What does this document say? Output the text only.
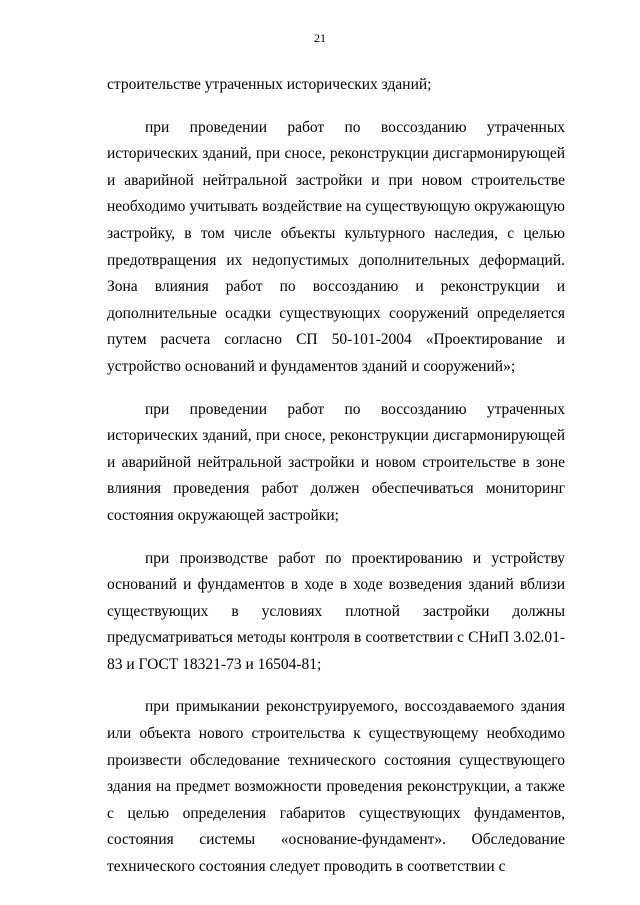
21

строительстве утраченных исторических зданий;

при проведении работ по воссозданию утраченных исторических зданий, при сносе, реконструкции дисгармонирующей и аварийной нейтральной застройки и при новом строительстве необходимо учитывать воздействие на существующую окружающую застройку, в том числе объекты культурного наследия, с целью предотвращения их недопустимых дополнительных деформаций. Зона влияния работ по воссозданию и реконструкции и дополнительные осадки существующих сооружений определяется путем расчета согласно СП 50-101-2004 «Проектирование и устройство оснований и фундаментов зданий и сооружений»;

при проведении работ по воссозданию утраченных исторических зданий, при сносе, реконструкции дисгармонирующей и аварийной нейтральной застройки и новом строительстве в зоне влияния проведения работ должен обеспечиваться мониторинг состояния окружающей застройки;

при производстве работ по проектированию и устройству оснований и фундаментов в ходе в ходе возведения зданий вблизи существующих в условиях плотной застройки должны предусматриваться методы контроля в соответствии с СНиП 3.02.01-83 и ГОСТ 18321-73 и 16504-81;

при примыкании реконструируемого, воссоздаваемого здания или объекта нового строительства к существующему необходимо произвести обследование технического состояния существующего здания на предмет возможности проведения реконструкции, а также с целью определения габаритов существующих фундаментов, состояния системы «основание-фундамент». Обследование технического состояния следует проводить в соответствии с
